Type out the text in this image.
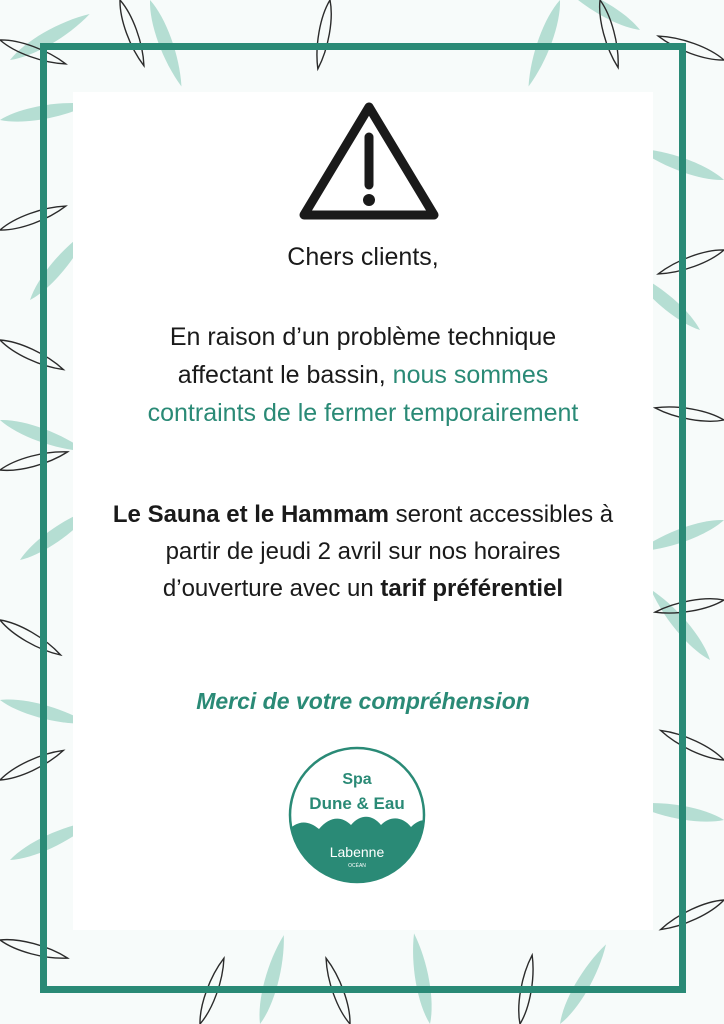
Chers clients,
En raison d’un problème technique
affectant le bassin, nous sommes
contraints de le fermer temporairement
Le Sauna et le Hammam seront accessibles à
partir de jeudi 2 avril sur nos horaires
d’ouverture avec un tarif préférentiel
Merci de votre compréhension
Spa
Dune & Eau
Labenne
OCÉAN
